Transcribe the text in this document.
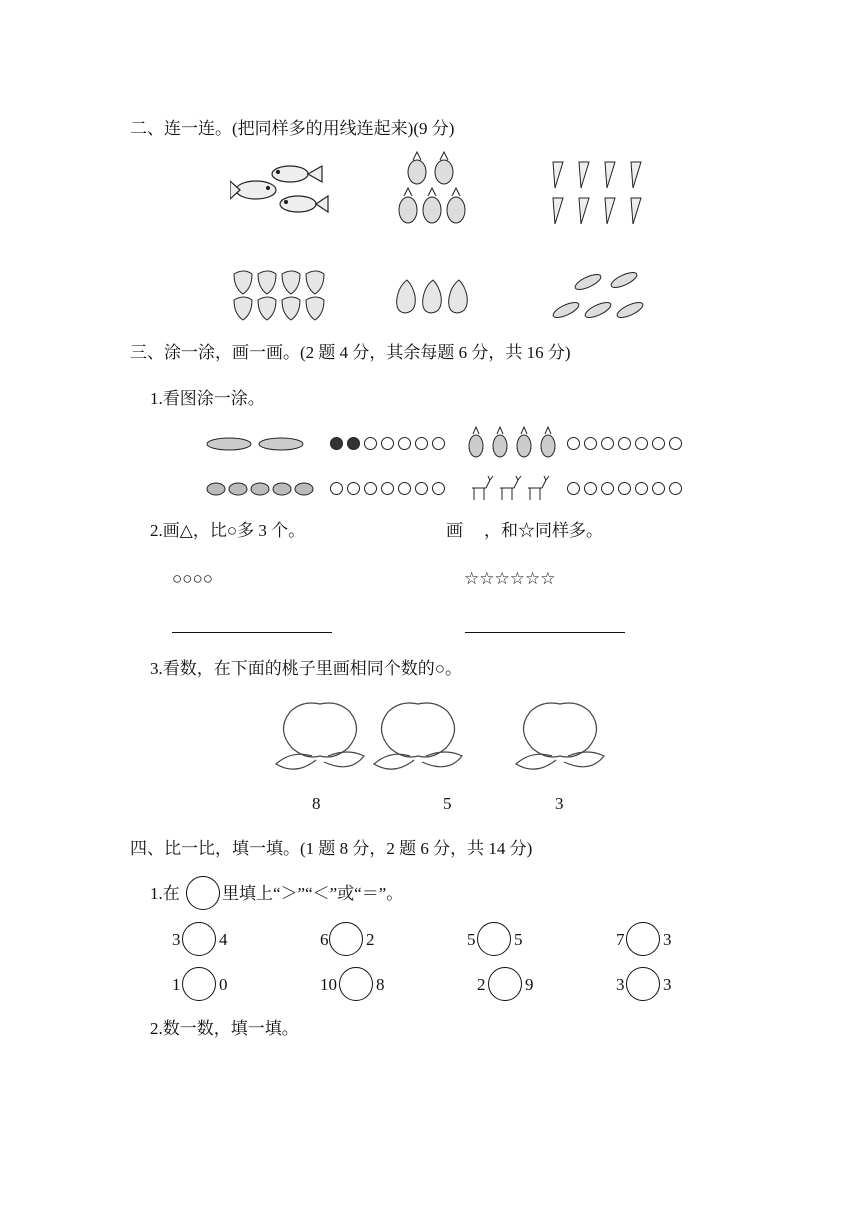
二、连一连。(把同样多的用线连起来)(9 分)
三、涂一涂，画一画。(2 题 4 分，其余每题 6 分，共 16 分)
1.看图涂一涂。
2.画△，比○多 3 个。	画 ，和☆同样多。
○○○○	☆☆☆☆☆☆
3.看数，在下面的桃子里画相同个数的○。
8	5	3
四、比一比，填一填。(1 题 8 分，2 题 6 分，共 14 分)
1.在 里填上“＞”“＜”或“＝”。
3 4	6 2	5 5	7 3
1 0	10 8	2 9	3 3
2.数一数，填一填。
